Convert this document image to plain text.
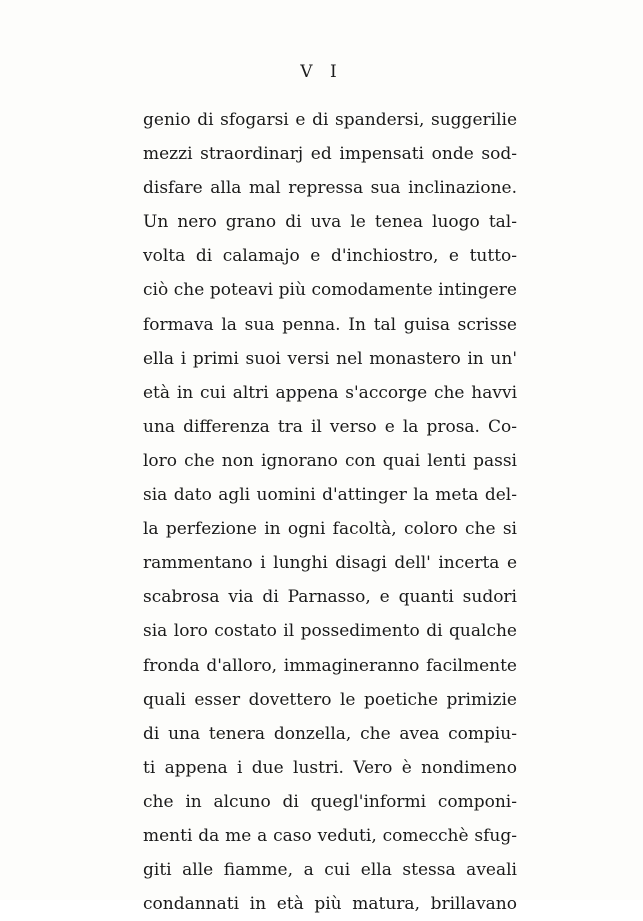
V I
genio di sfogarsi e di spandersi, suggerilie
mezzi straordinarj ed impensati onde sod-
disfare alla mal repressa sua inclinazione.
Un nero grano di uva le tenea luogo tal-
volta di calamajo e d'inchiostro, e tutto-
ciò che poteavi più comodamente intingere
formava la sua penna. In tal guisa scrisse
ella i primi suoi versi nel monastero in un'
età in cui altri appena s'accorge che havvi
una differenza tra il verso e la prosa. Co-
loro che non ignorano con quai lenti passi
sia dato agli uomini d'attinger la meta del-
la perfezione in ogni facoltà, coloro che si
rammentano i lunghi disagi dell' incerta e
scabrosa via di Parnasso, e quanti sudori
sia loro costato il possedimento di qualche
fronda d'alloro, immagineranno facilmente
quali esser dovettero le poetiche primizie
di una tenera donzella, che avea compiu-
ti appena i due lustri. Vero è nondimeno
che in alcuno di quegl'informi componi-
menti da me a caso veduti, comecchè sfug-
giti alle fiamme, a cui ella stessa aveali
condannati in età più matura, brillavano
